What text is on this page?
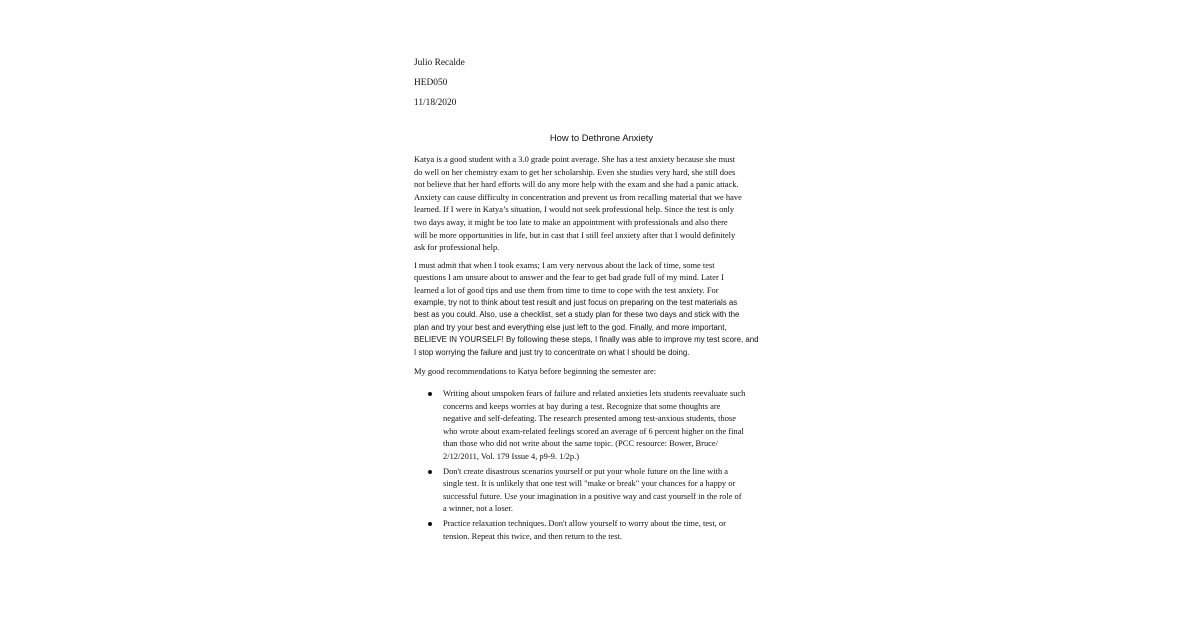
Julio Recalde
HED050
11/18/2020
How to Dethrone Anxiety
Katya is a good student with a 3.0 grade point average. She has a test anxiety because she must
do well on her chemistry exam to get her scholarship. Even she studies very hard, she still does
not believe that her hard efforts will do any more help with the exam and she had a panic attack.
Anxiety can cause difficulty in concentration and prevent us from recalling material that we have
learned. If I were in Katya’s situation, I would not seek professional help. Since the test is only
two days away, it might be too late to make an appointment with professionals and also there
will be more opportunities in life, but in cast that I still feel anxiety after that I would definitely
ask for professional help.
I must admit that when I took exams; I am very nervous about the lack of time, some test
questions I am unsure about to answer and the fear to get bad grade full of my mind. Later I
learned a lot of good tips and use them from time to time to cope with the test anxiety. For
example, try not to think about test result and just focus on preparing on the test materials as
best as you could. Also, use a checklist, set a study plan for these two days and stick with the
plan and try your best and everything else just left to the god. Finally, and more important,
BELIEVE IN YOURSELF! By following these steps, I finally was able to improve my test score, and
I stop worrying the failure and just try to concentrate on what I should be doing.
My good recommendations to Katya before beginning the semester are:
Writing about unspoken fears of failure and related anxieties lets students reevaluate such
concerns and keeps worries at bay during a test. Recognize that some thoughts are
negative and self-defeating. The research presented among test-anxious students, those
who wrote about exam-related feelings scored an average of 6 percent higher on the final
than those who did not write about the same topic. (PCC resource: Bower, Bruce/
2/12/2011, Vol. 179 Issue 4, p9-9. 1/2p.)
Don't create disastrous scenarios yourself or put your whole future on the line with a
single test. It is unlikely that one test will "make or break" your chances for a happy or
successful future. Use your imagination in a positive way and cast yourself in the role of
a winner, not a loser.
Practice relaxation techniques. Don't allow yourself to worry about the time, test, or
tension. Repeat this twice, and then return to the test.
